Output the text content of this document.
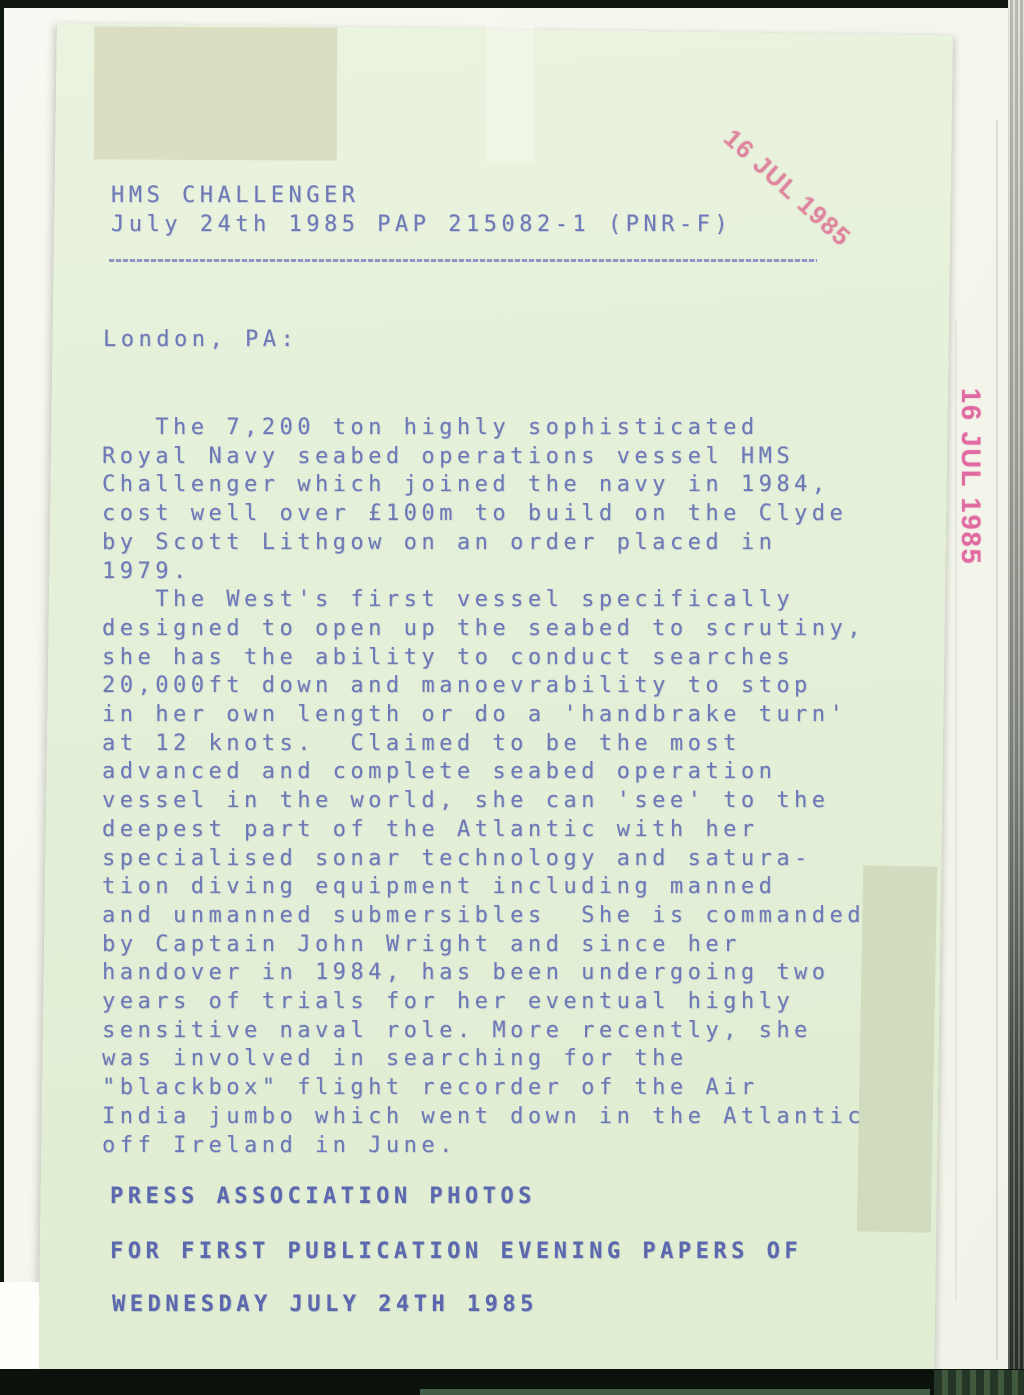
HMS CHALLENGER
July 24th 1985 PAP 215082-1 (PNR-F)
London, PA:
The 7,200 ton highly sophisticated
Royal Navy seabed operations vessel HMS
Challenger which joined the navy in 1984,
cost well over £100m to build on the Clyde
by Scott Lithgow on an order placed in
1979.
The West's first vessel specifically
designed to open up the seabed to scrutiny,
she has the ability to conduct searches
20,000ft down and manoevrability to stop
in her own length or do a 'handbrake turn'
at 12 knots.  Claimed to be the most
advanced and complete seabed operation
vessel in the world, she can 'see' to the
deepest part of the Atlantic with her
specialised sonar technology and satura-
tion diving equipment including manned
and unmanned submersibles  She is commanded
by Captain John Wright and since her
handover in 1984, has been undergoing two
years of trials for her eventual highly
sensitive naval role. More recently, she
was involved in searching for the
"blackbox" flight recorder of the Air
India jumbo which went down in the Atlantic
off Ireland in June.
PRESS ASSOCIATION PHOTOS
FOR FIRST PUBLICATION EVENING PAPERS OF
WEDNESDAY JULY 24TH 1985
16 JUL 1985
16 JUL 1985
